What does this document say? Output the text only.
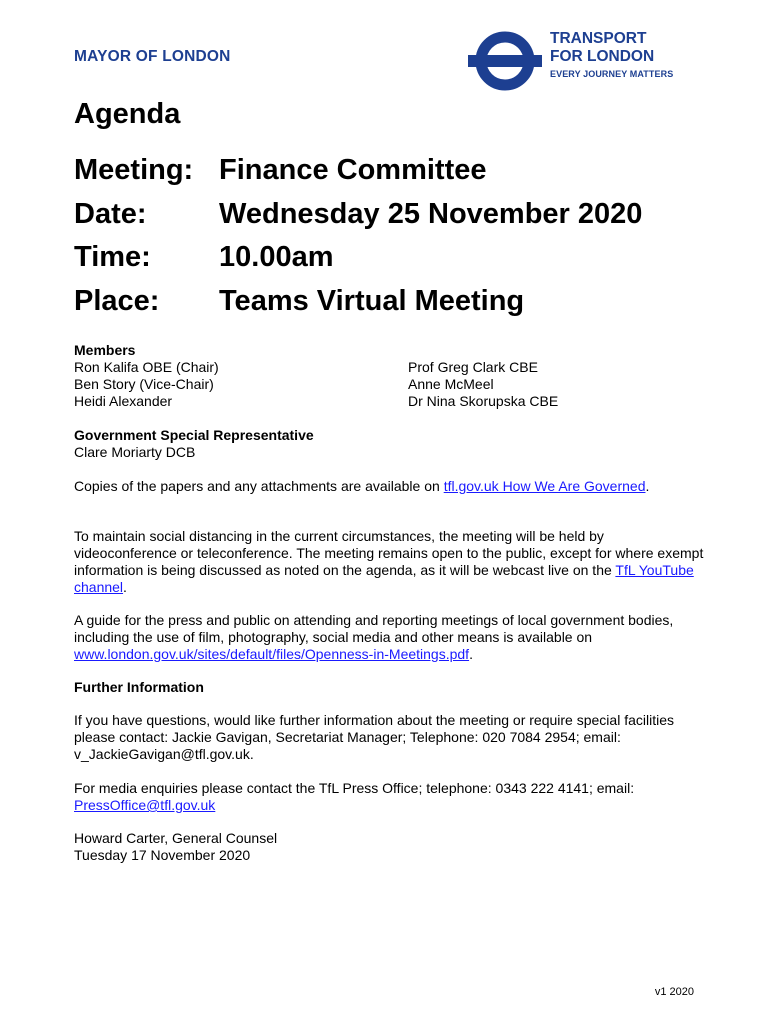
MAYOR OF LONDON
TRANSPORT
FOR LONDON
EVERY JOURNEY MATTERS
Agenda
Meeting: Finance Committee
Date: Wednesday 25 November 2020
Time: 10.00am
Place: Teams Virtual Meeting
Members
Ron Kalifa OBE (Chair)
Ben Story (Vice-Chair)
Heidi Alexander
Prof Greg Clark CBE
Anne McMeel
Dr Nina Skorupska CBE
Government Special Representative
Clare Moriarty DCB
Copies of the papers and any attachments are available on tfl.gov.uk How We Are Governed.
To maintain social distancing in the current circumstances, the meeting will be held by videoconference or teleconference. The meeting remains open to the public, except for where exempt information is being discussed as noted on the agenda, as it will be webcast live on the TfL YouTube channel.
A guide for the press and public on attending and reporting meetings of local government bodies, including the use of film, photography, social media and other means is available on www.london.gov.uk/sites/default/files/Openness-in-Meetings.pdf.
Further Information
If you have questions, would like further information about the meeting or require special facilities please contact: Jackie Gavigan, Secretariat Manager; Telephone: 020 7084 2954; email: v_JackieGavigan@tfl.gov.uk.
For media enquiries please contact the TfL Press Office; telephone: 0343 222 4141; email: PressOffice@tfl.gov.uk
Howard Carter, General Counsel
Tuesday 17 November 2020
v1 2020
